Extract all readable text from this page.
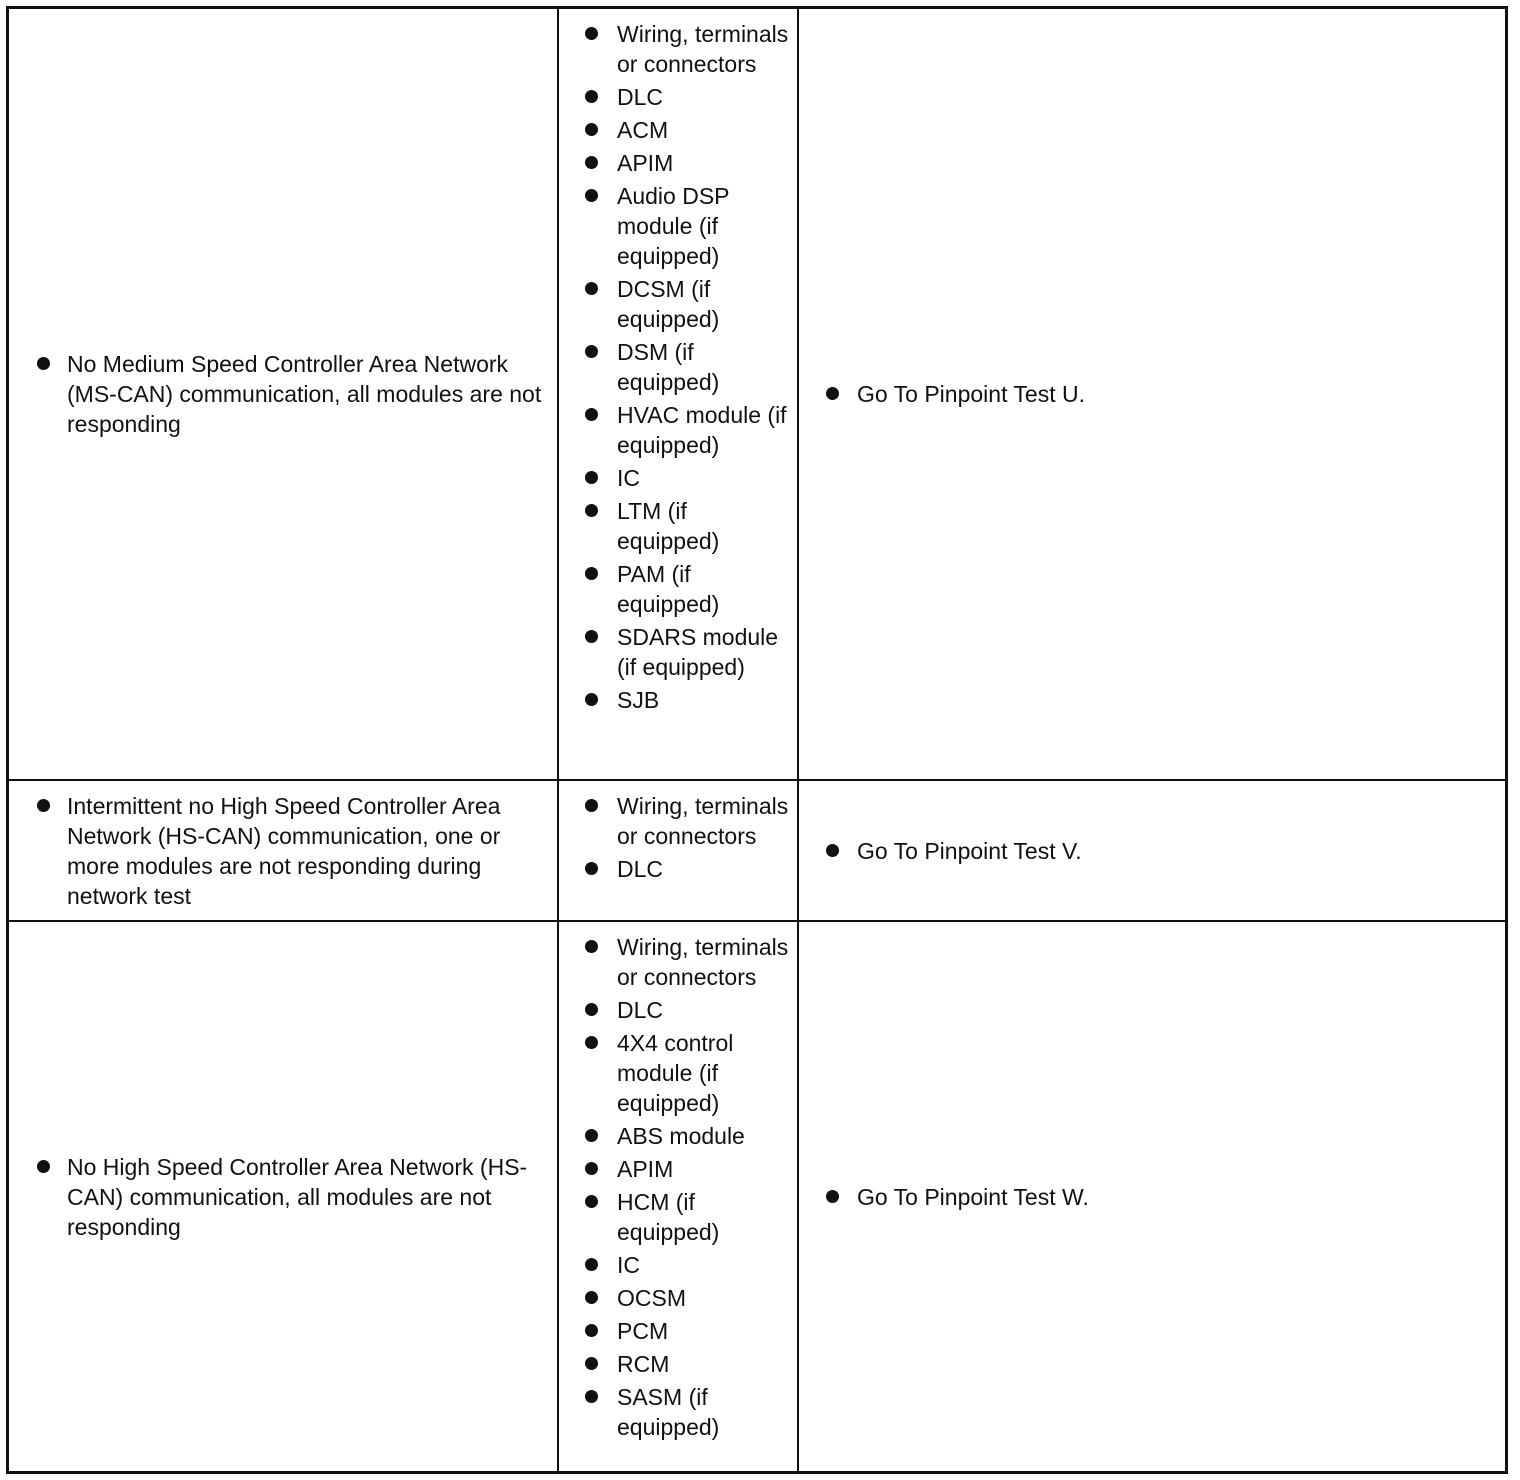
No Medium Speed Controller Area Network (MS-CAN) communication, all modules are not responding
Wiring, terminals or connectors
DLC
ACM
APIM
Audio DSP module (if equipped)
DCSM (if equipped)
DSM (if equipped)
HVAC module (if equipped)
IC
LTM (if equipped)
PAM (if equipped)
SDARS module (if equipped)
SJB
Go To Pinpoint Test U.
Intermittent no High Speed Controller Area Network (HS-CAN) communication, one or more modules are not responding during network test
Wiring, terminals or connectors
DLC
Go To Pinpoint Test V.
No High Speed Controller Area Network (HS-CAN) communication, all modules are not responding
Wiring, terminals or connectors
DLC
4X4 control module (if equipped)
ABS module
APIM
HCM (if equipped)
IC
OCSM
PCM
RCM
SASM (if equipped)
Go To Pinpoint Test W.
